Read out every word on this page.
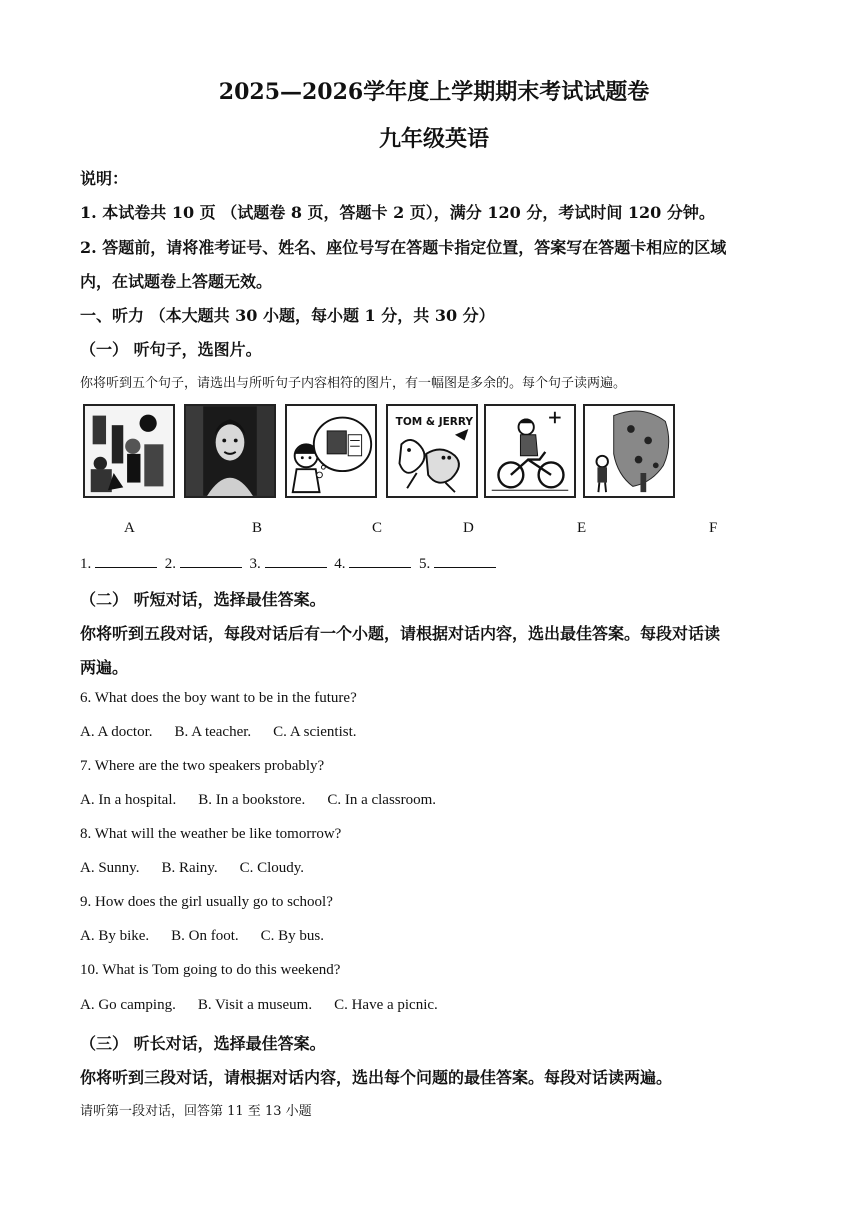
2025—2026学年度上学期期末考试试题卷
九年级英语
说明：
1. 本试卷共 10 页 （试题卷 8 页，答题卡 2 页），满分 120 分，考试时间 120 分钟。
2. 答题前，请将准考证号、姓名、座位号写在答题卡指定位置，答案写在答题卡相应的区域
内，在试题卷上答题无效。
一、听力 （本大题共 30 小题，每小题 1 分，共 30 分）
（一） 听句子，选图片。
你将听到五个句子，请选出与所听句子内容相符的图片，有一幅图是多余的。每个句子读两遍。
TOM & JERRY
A	B	C	D	E	F
1.	2.	3.	4.	5.
（二） 听短对话，选择最佳答案。
你将听到五段对话，每段对话后有一个小题，请根据对话内容，选出最佳答案。每段对话读
两遍。
6. What does the boy want to be in the future?
A. A doctor. B. A teacher. C. A scientist.
7. Where are the two speakers probably?
A. In a hospital. B. In a bookstore. C. In a classroom.
8. What will the weather be like tomorrow?
A. Sunny. B. Rainy. C. Cloudy.
9. How does the girl usually go to school?
A. By bike. B. On foot. C. By bus.
10. What is Tom going to do this weekend?
A. Go camping. B. Visit a museum. C. Have a picnic.
（三） 听长对话，选择最佳答案。
你将听到三段对话，请根据对话内容，选出每个问题的最佳答案。每段对话读两遍。
请听第一段对话，回答第 11 至 13 小题
